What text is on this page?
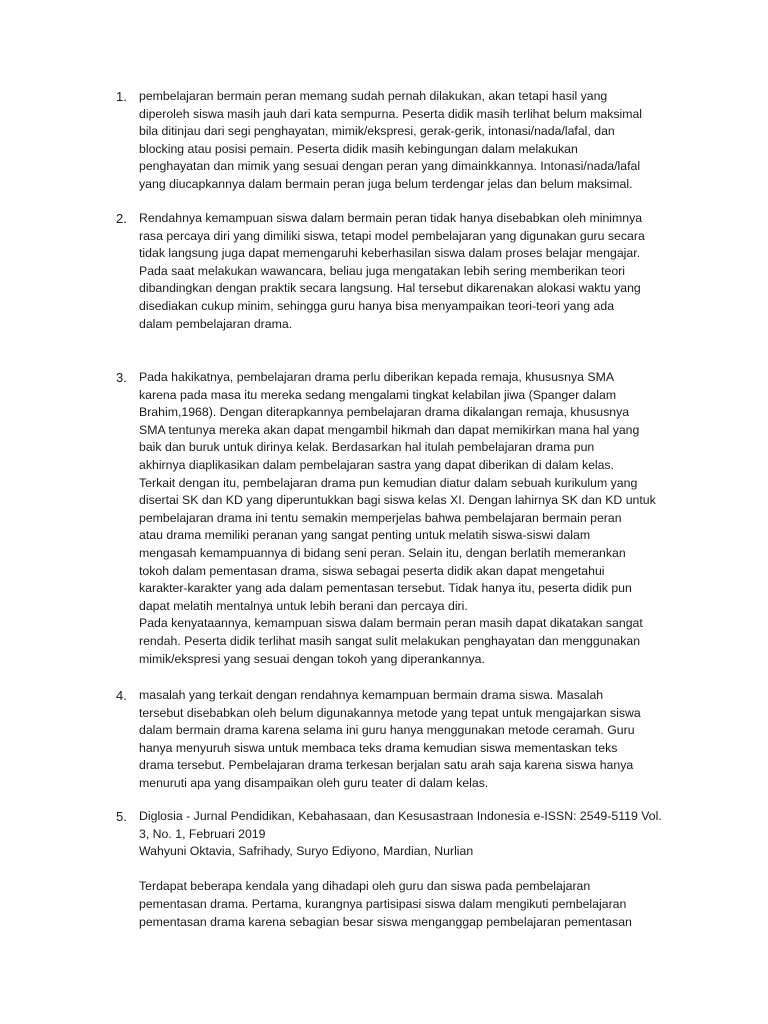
1. pembelajaran bermain peran memang sudah pernah dilakukan, akan tetapi hasil yang
diperoleh siswa masih jauh dari kata sempurna. Peserta didik masih terlihat belum maksimal
bila ditinjau dari segi penghayatan, mimik/ekspresi, gerak-gerik, intonasi/nada/lafal, dan
blocking atau posisi pemain. Peserta didik masih kebingungan dalam melakukan
penghayatan dan mimik yang sesuai dengan peran yang dimainkkannya. Intonasi/nada/lafal
yang diucapkannya dalam bermain peran juga belum terdengar jelas dan belum maksimal.

2. Rendahnya kemampuan siswa dalam bermain peran tidak hanya disebabkan oleh minimnya
rasa percaya diri yang dimiliki siswa, tetapi model pembelajaran yang digunakan guru secara
tidak langsung juga dapat memengaruhi keberhasilan siswa dalam proses belajar mengajar.
Pada saat melakukan wawancara, beliau juga mengatakan lebih sering memberikan teori
dibandingkan dengan praktik secara langsung. Hal tersebut dikarenakan alokasi waktu yang
disediakan cukup minim, sehingga guru hanya bisa menyampaikan teori-teori yang ada
dalam pembelajaran drama.

3. Pada hakikatnya, pembelajaran drama perlu diberikan kepada remaja, khususnya SMA
karena pada masa itu mereka sedang mengalami tingkat kelabilan jiwa (Spanger dalam
Brahim,1968). Dengan diterapkannya pembelajaran drama dikalangan remaja, khususnya
SMA tentunya mereka akan dapat mengambil hikmah dan dapat memikirkan mana hal yang
baik dan buruk untuk dirinya kelak. Berdasarkan hal itulah pembelajaran drama pun
akhirnya diaplikasikan dalam pembelajaran sastra yang dapat diberikan di dalam kelas.
Terkait dengan itu, pembelajaran drama pun kemudian diatur dalam sebuah kurikulum yang
disertai SK dan KD yang diperuntukkan bagi siswa kelas XI. Dengan lahirnya SK dan KD untuk
pembelajaran drama ini tentu semakin memperjelas bahwa pembelajaran bermain peran
atau drama memiliki peranan yang sangat penting untuk melatih siswa-siswi dalam
mengasah kemampuannya di bidang seni peran. Selain itu, dengan berlatih memerankan
tokoh dalam pementasan drama, siswa sebagai peserta didik akan dapat mengetahui
karakter-karakter yang ada dalam pementasan tersebut. Tidak hanya itu, peserta didik pun
dapat melatih mentalnya untuk lebih berani dan percaya diri.
Pada kenyataannya, kemampuan siswa dalam bermain peran masih dapat dikatakan sangat
rendah. Peserta didik terlihat masih sangat sulit melakukan penghayatan dan menggunakan
mimik/ekspresi yang sesuai dengan tokoh yang diperankannya.

4. masalah yang terkait dengan rendahnya kemampuan bermain drama siswa. Masalah
tersebut disebabkan oleh belum digunakannya metode yang tepat untuk mengajarkan siswa
dalam bermain drama karena selama ini guru hanya menggunakan metode ceramah. Guru
hanya menyuruh siswa untuk membaca teks drama kemudian siswa mementaskan teks
drama tersebut. Pembelajaran drama terkesan berjalan satu arah saja karena siswa hanya
menuruti apa yang disampaikan oleh guru teater di dalam kelas.

5. Diglosia - Jurnal Pendidikan, Kebahasaan, dan Kesusastraan Indonesia e-ISSN: 2549-5119 Vol.
3, No. 1, Februari 2019

Wahyuni Oktavia, Safrihady, Suryo Ediyono, Mardian, Nurlian

Terdapat beberapa kendala yang dihadapi oleh guru dan siswa pada pembelajaran
pementasan drama. Pertama, kurangnya partisipasi siswa dalam mengikuti pembelajaran
pementasan drama karena sebagian besar siswa menganggap pembelajaran pementasan
